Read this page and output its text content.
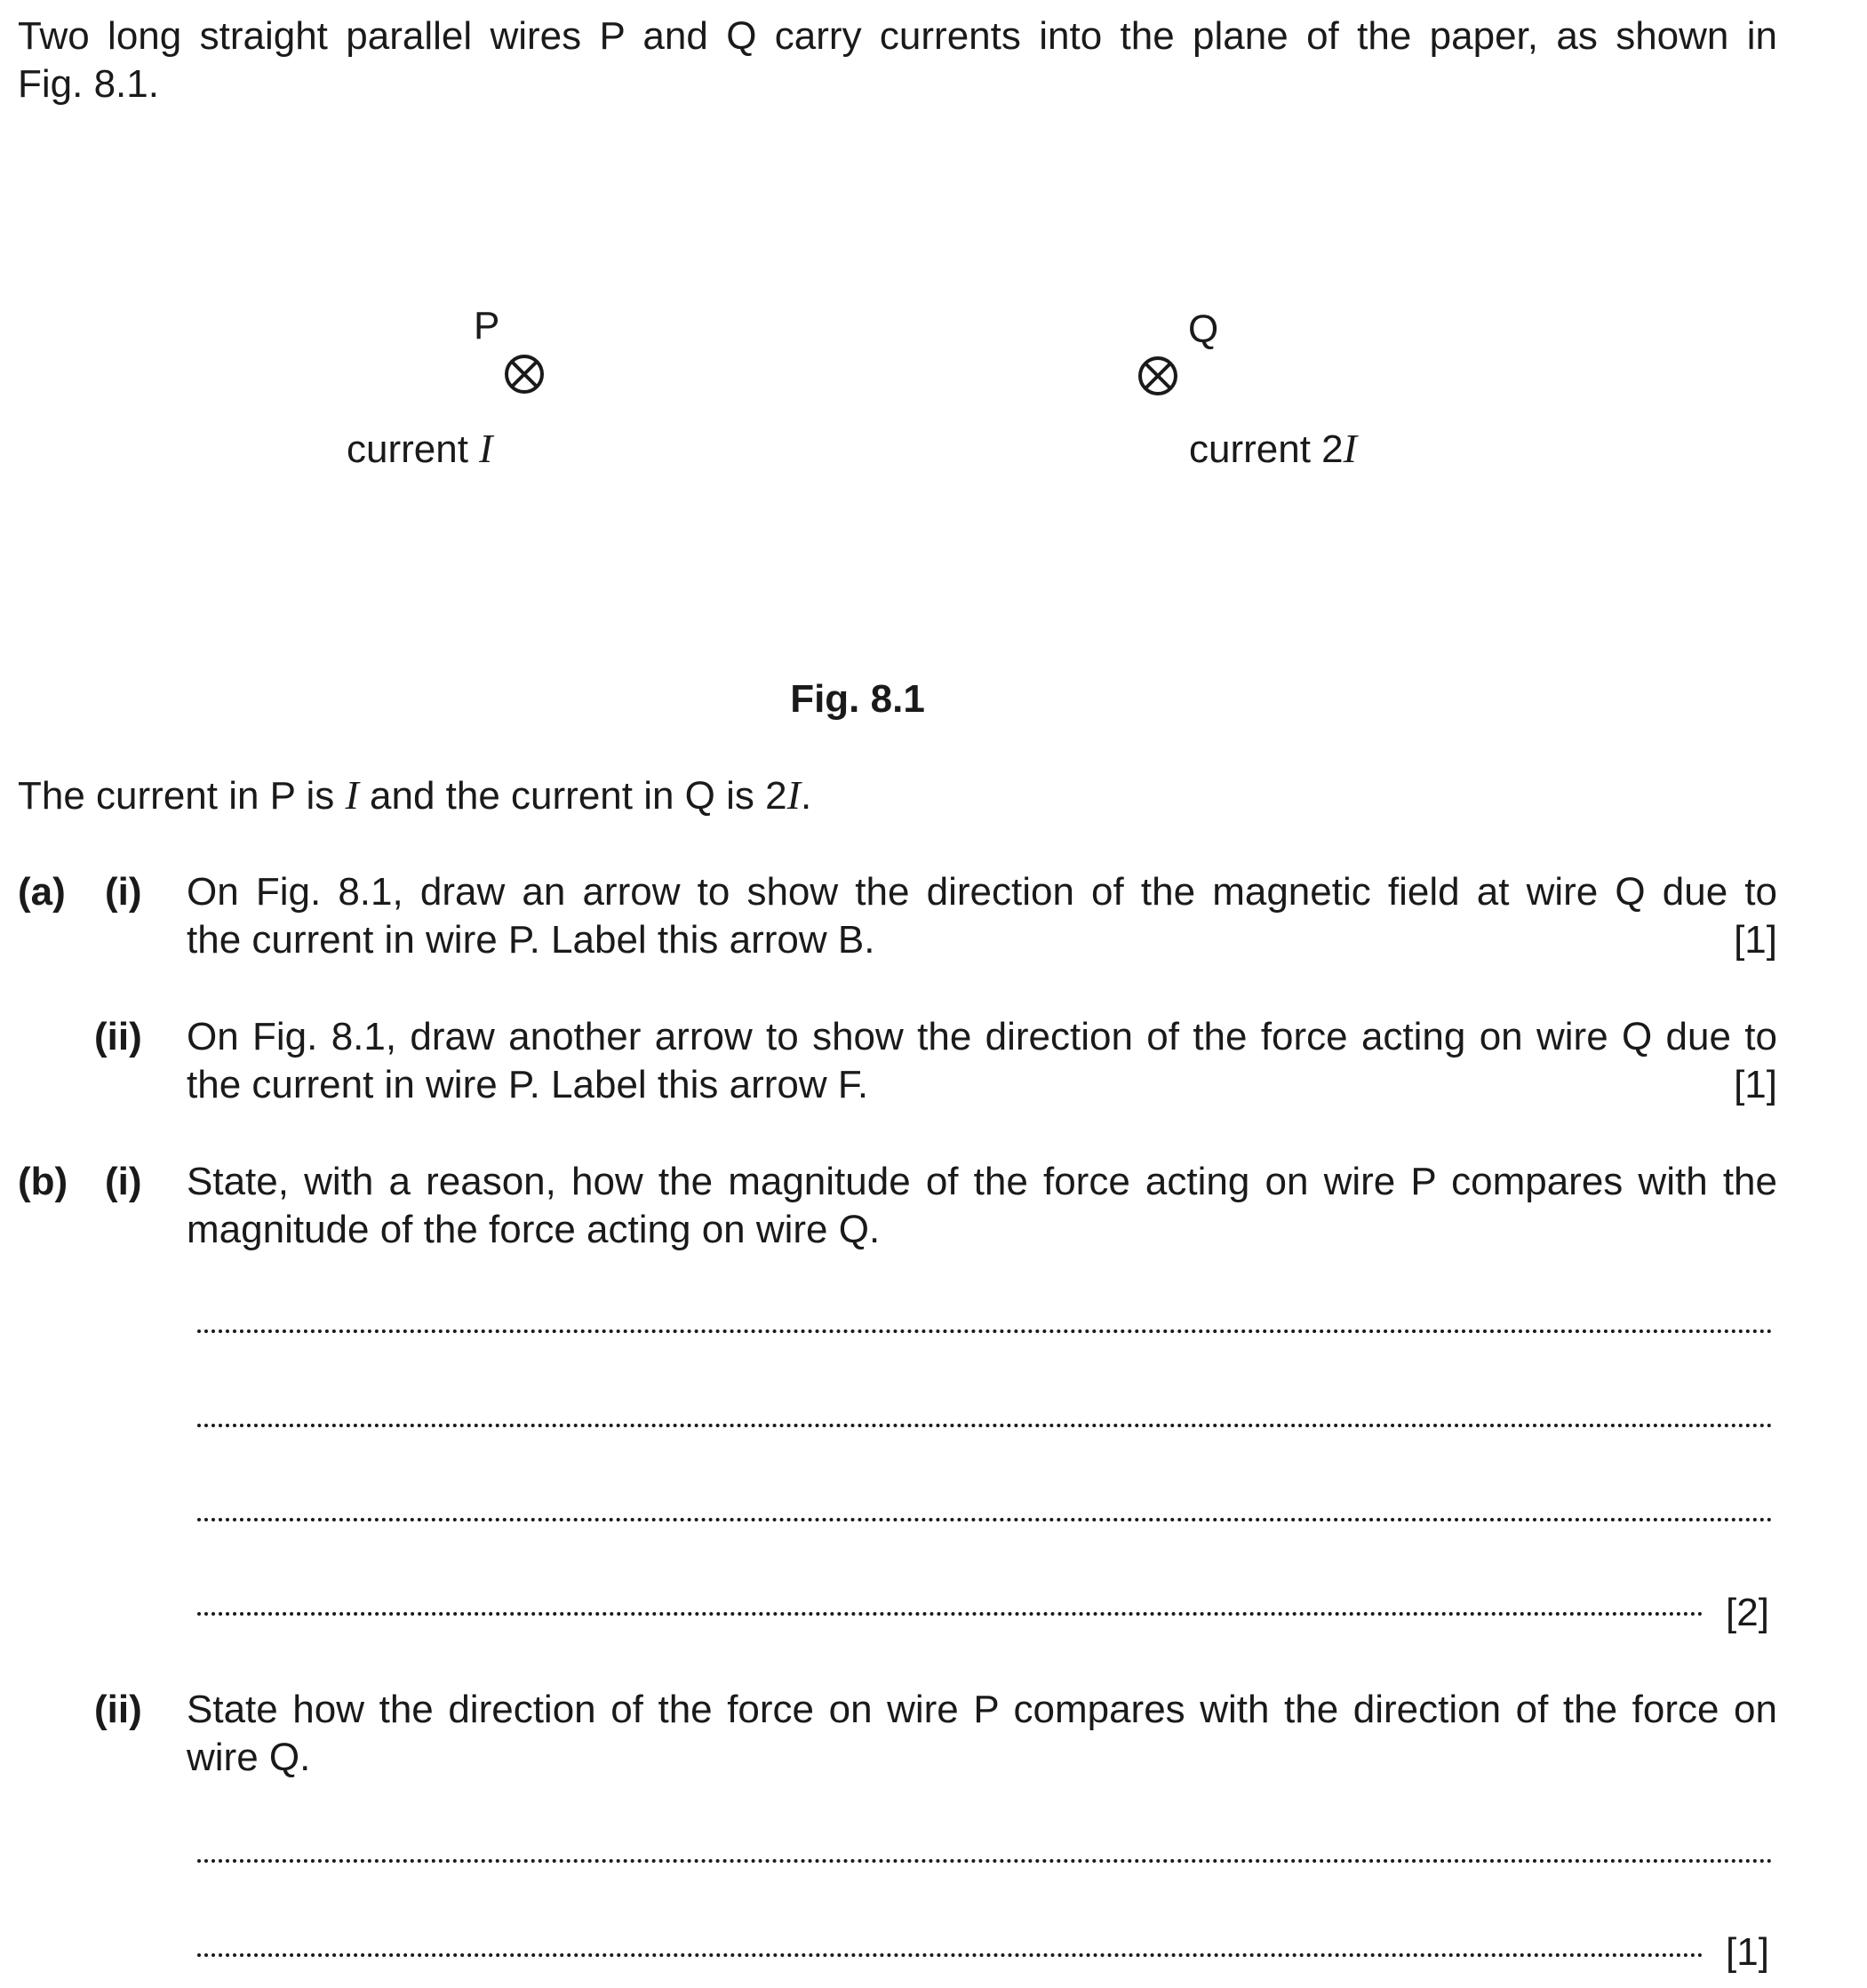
Two long straight parallel wires P and Q carry currents into the plane of the paper, as shown in
Fig. 8.1.
P
current I
Q
current 2I
Fig. 8.1
The current in P is I and the current in Q is 2I.
(a) (i) On Fig. 8.1, draw an arrow to show the direction of the magnetic field at wire Q due to
the current in wire P. Label this arrow B.	[1]
(ii) On Fig. 8.1, draw another arrow to show the direction of the force acting on wire Q due to
the current in wire P. Label this arrow F.	[1]
(b) (i) State, with a reason, how the magnitude of the force acting on wire P compares with the
magnitude of the force acting on wire Q.
[2]
(ii) State how the direction of the force on wire P compares with the direction of the force on
wire Q.
[1]
